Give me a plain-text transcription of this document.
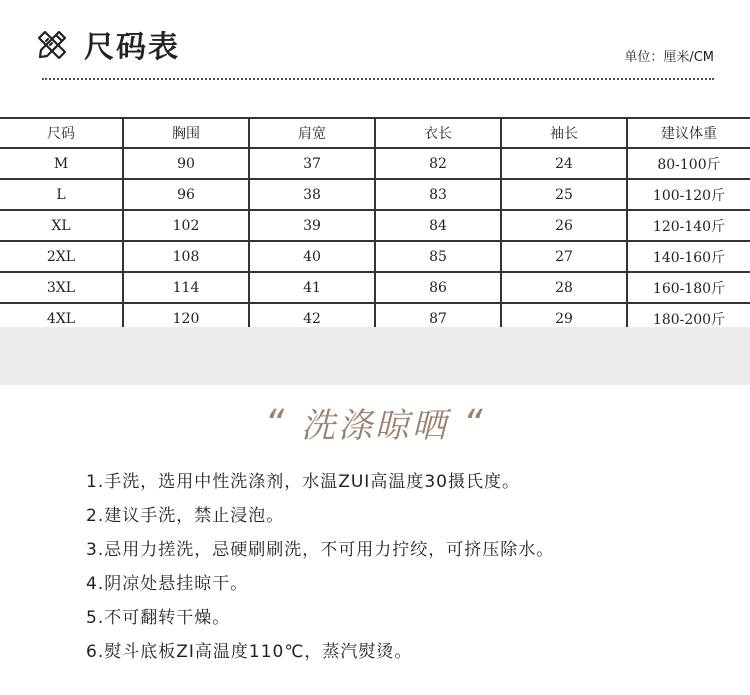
尺码表	单位：厘米/CM
尺码	胸围	肩宽	衣长	袖长	建议体重
M	90	37	82	24	80-100斤
L	96	38	83	25	100-120斤
XL	102	39	84	26	120-140斤
2XL	108	40	85	27	140-160斤
3XL	114	41	86	28	160-180斤
4XL	120	42	87	29	180-200斤
“ 洗涤晾晒 “
1.手洗，选用中性洗涤剂，水温ZUI高温度30摄氏度。
2.建议手洗，禁止浸泡。
3.忌用力搓洗，忌硬刷刷洗，不可用力拧绞，可挤压除水。
4.阴凉处悬挂晾干。
5.不可翻转干燥。
6.熨斗底板ZI高温度110℃，蒸汽熨烫。
